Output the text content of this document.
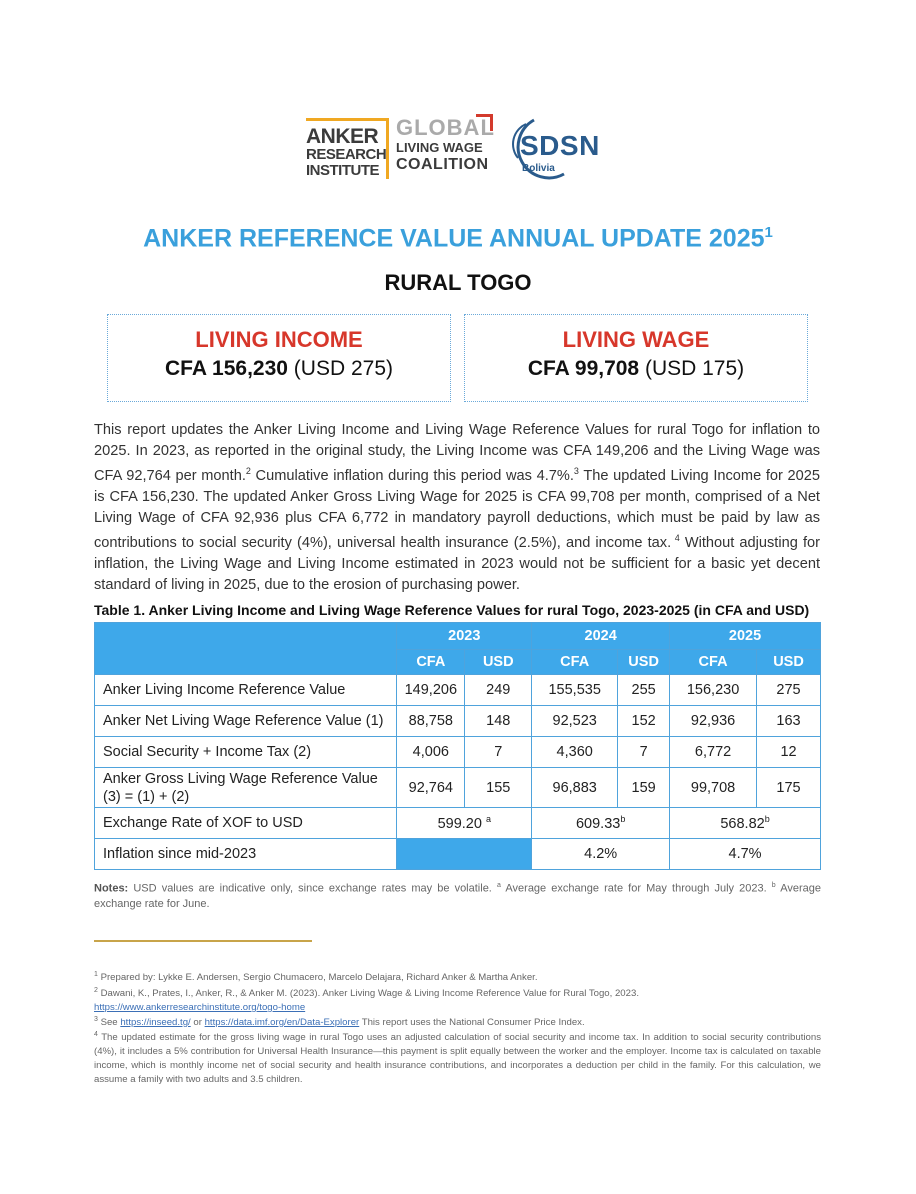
ANKER
RESEARCH
INSTITUTE
GLOBAL
LIVING WAGE
COALITION
SDSN
Bolivia
ANKER REFERENCE VALUE ANNUAL UPDATE 2025$^1$
RURAL TOGO
LIVING INCOME
CFA 156,230 (USD 275)
LIVING WAGE
CFA 99,708 (USD 175)
This report updates the Anker Living Income and Living Wage Reference Values for rural Togo for inflation to 2025. In 2023, as reported in the original study, the Living Income was CFA 149,206 and the Living Wage was CFA 92,764 per month.$^2$ Cumulative inflation during this period was 4.7%.$^3$ The updated Living Income for 2025 is CFA 156,230. The updated Anker Gross Living Wage for 2025 is CFA 99,708 per month, comprised of a Net Living Wage of CFA 92,936 plus CFA 6,772 in mandatory payroll deductions, which must be paid by law as contributions to social security (4%), universal health insurance (2.5%), and income tax. $^4$ Without adjusting for inflation, the Living Wage and Living Income estimated in 2023 would not be sufficient for a basic yet decent standard of living in 2025, due to the erosion of purchasing power.
Table 1. Anker Living Income and Living Wage Reference Values for rural Togo, 2023-2025 (in CFA and USD)
	2023		2024		2025	
	CFA	USD	CFA	USD	CFA	USD
Anker Living Income Reference Value	149,206	249	155,535	255	156,230	275
Anker Net Living Wage Reference Value (1)	88,758	148	92,523	152	92,936	163
Social Security + Income Tax (2)	4,006	7	4,360	7	6,772	12

Anker Gross Living Wage Reference Value
(3) = (1) + (2)	92,764	155	96,883	159	99,708	175
Exchange Rate of XOF to USD	599.20 $^a$		609.33$^b$		568.82$^b$
Inflation since mid-2023			4.2%		4.7%	
Notes: USD values are indicative only, since exchange rates may be volatile. $^a$ Average exchange rate for May through July 2023. $^b$ Average exchange rate for June.
$^1$ Prepared by: Lykke E. Andersen, Sergio Chumacero, Marcelo Delajara, Richard Anker & Martha Anker.
$^2$ Dawani, K., Prates, I., Anker, R., & Anker M. (2023). Anker Living Wage & Living Income Reference Value for Rural Togo, 2023.
https://www.ankerresearchinstitute.org/togo-home
$^3$ See https://inseed.tg/ or https://data.imf.org/en/Data-Explorer This report uses the National Consumer Price Index.
$^4$ The updated estimate for the gross living wage in rural Togo uses an adjusted calculation of social security and income tax. In addition to social security contributions (4%), it includes a 5% contribution for Universal Health Insurance—this payment is split equally between the worker and the employer. Income tax is calculated on taxable income, which is monthly income net of social security and health insurance contributions, and incorporates a deduction per child in the family. For this calculation, we assume a family with two adults and 3.5 children.
